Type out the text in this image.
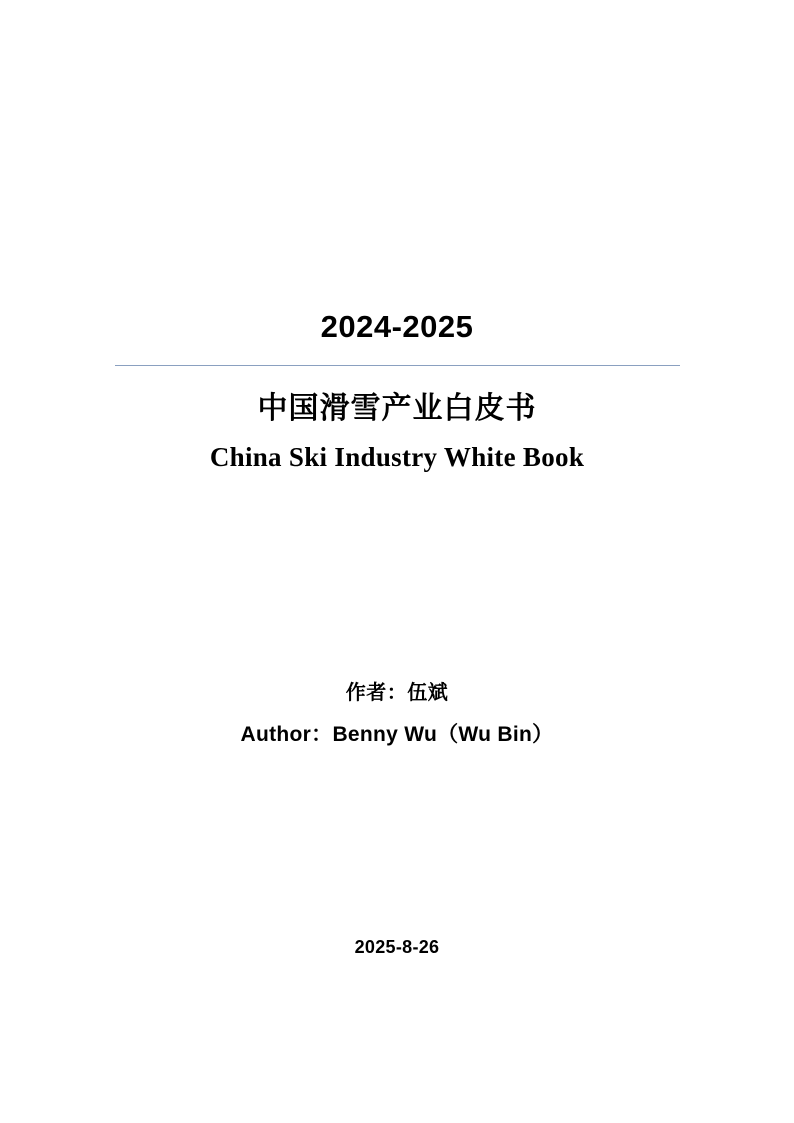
2024-2025
中国滑雪产业白皮书
China Ski Industry White Book
作者：伍斌
Author：Benny Wu（Wu Bin）
2025-8-26
